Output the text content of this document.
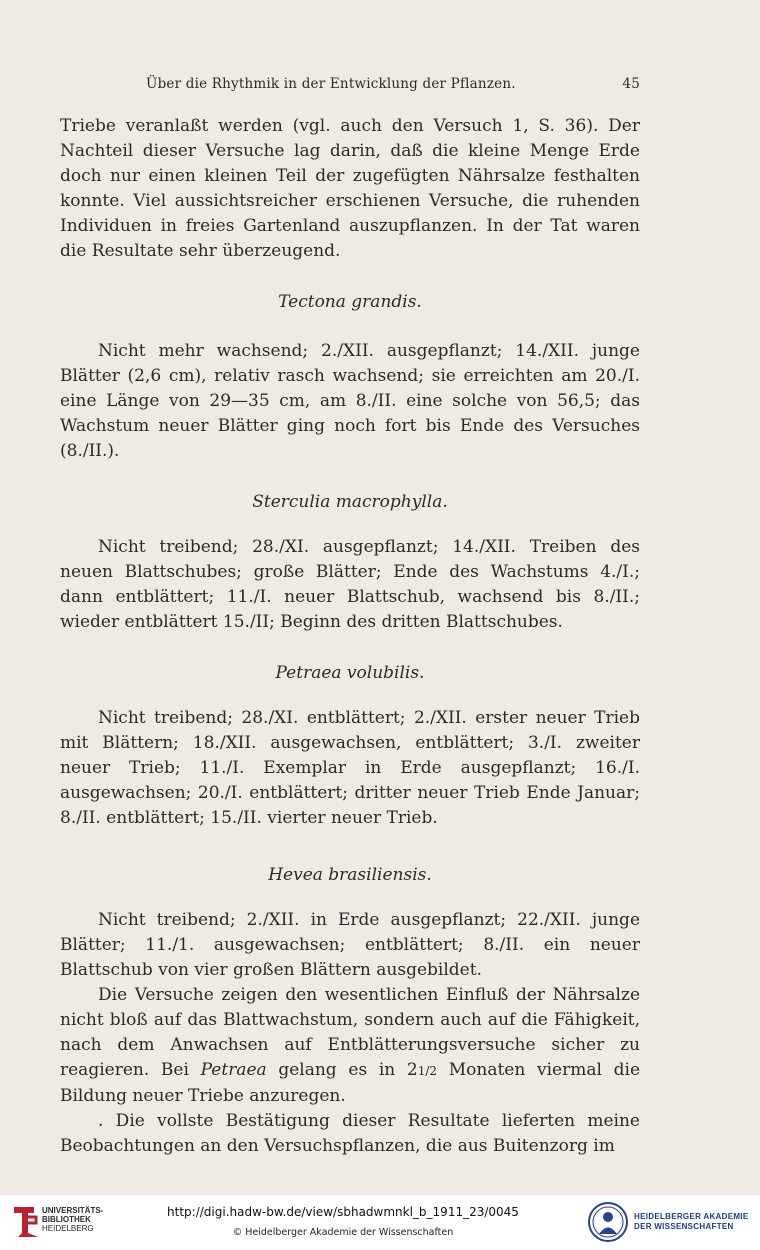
Über die Rhythmik in der Entwicklung der Pflanzen.	45

Triebe veranlaßt werden (vgl. auch den Versuch 1, S. 36). Der Nachteil dieser Versuche lag darin, daß die kleine Menge Erde doch nur einen kleinen Teil der zugefügten Nährsalze festhalten konnte. Viel aussichtsreicher erschienen Versuche, die ruhenden Individuen in freies Gartenland auszupflanzen. In der Tat waren die Resultate sehr überzeugend.

Tectona grandis.

Nicht mehr wachsend; 2./XII. ausgepflanzt; 14./XII. junge Blätter (2,6 cm), relativ rasch wachsend; sie erreichten am 20./I. eine Länge von 29—35 cm, am 8./II. eine solche von 56,5; das Wachstum neuer Blätter ging noch fort bis Ende des Versuches (8./II.).

Sterculia macrophylla.

Nicht treibend; 28./XI. ausgepflanzt; 14./XII. Treiben des neuen Blattschubes; große Blätter; Ende des Wachstums 4./I.; dann entblättert; 11./I. neuer Blattschub, wachsend bis 8./II.; wieder entblättert 15./II; Beginn des dritten Blattschubes.

Petraea volubilis.

Nicht treibend; 28./XI. entblättert; 2./XII. erster neuer Trieb mit Blättern; 18./XII. ausgewachsen, entblättert; 3./I. zweiter neuer Trieb; 11./I. Exemplar in Erde ausgepflanzt; 16./I. ausgewachsen; 20./I. entblättert; dritter neuer Trieb Ende Januar; 8./II. entblättert; 15./II. vierter neuer Trieb.

Hevea brasiliensis.

Nicht treibend; 2./XII. in Erde ausgepflanzt; 22./XII. junge Blätter; 11./1. ausgewachsen; entblättert; 8./II. ein neuer Blattschub von vier großen Blättern ausgebildet.

Die Versuche zeigen den wesentlichen Einfluß der Nährsalze nicht bloß auf das Blattwachstum, sondern auch auf die Fähigkeit, nach dem Anwachsen auf Entblätterungsversuche sicher zu reagieren. Bei Petraea gelang es in 21/2 Monaten viermal die Bildung neuer Triebe anzuregen.

. Die vollste Bestätigung dieser Resultate lieferten meine Beobachtungen an den Versuchspflanzen, die aus Buitenzorg im

UNIVERSITÄTS-
BIBLIOTHEK
HEIDELBERG
http://digi.hadw-bw.de/view/sbhadwmnkl_b_1911_23/0045
© Heidelberger Akademie der Wissenschaften
HEIDELBERGER AKADEMIE
DER WISSENSCHAFTEN
